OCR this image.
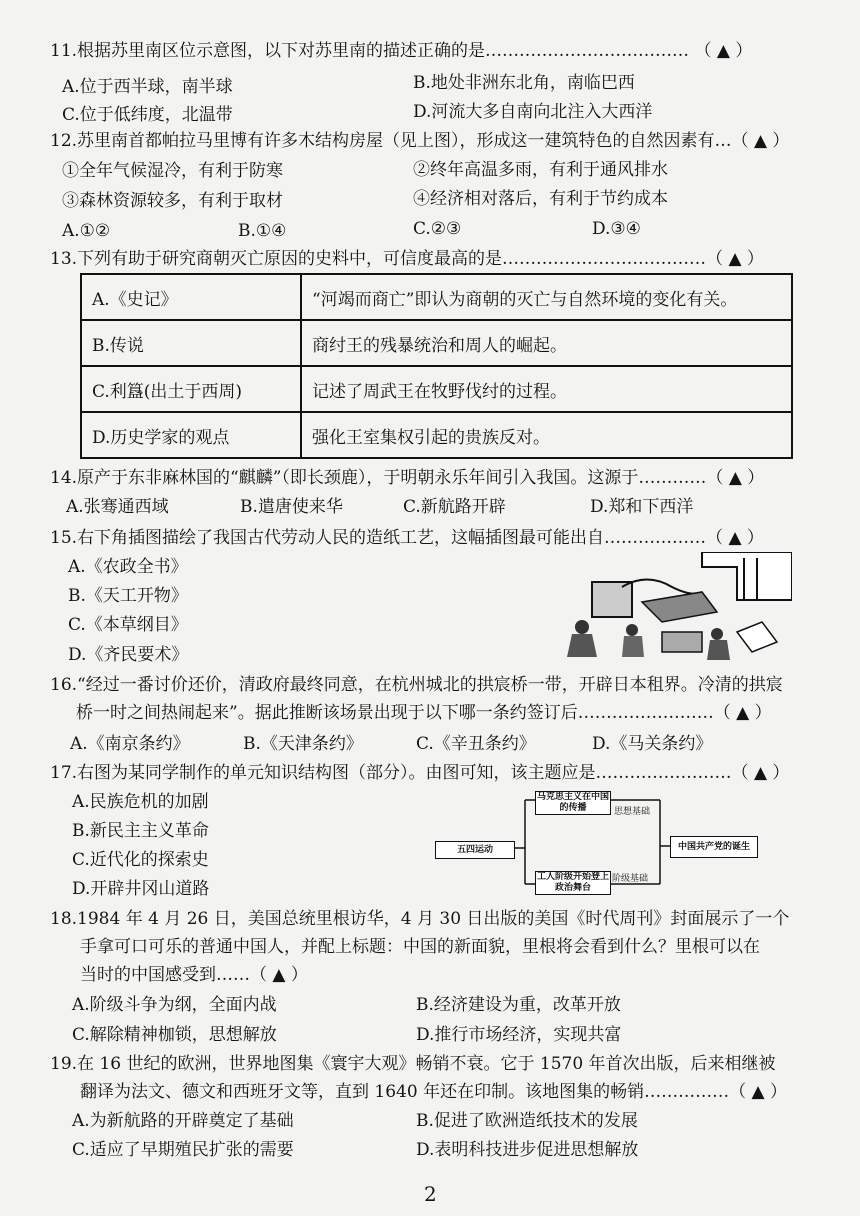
11.根据苏里南区位示意图，以下对苏里南的描述正确的是……………………………… （ ▲ ）
A.位于西半球，南半球	B.地处非洲东北角，南临巴西
C.位于低纬度，北温带	D.河流大多自南向北注入大西洋
12.苏里南首都帕拉马里博有许多木结构房屋（见上图），形成这一建筑特色的自然因素有…（ ▲ ）
①全年气候湿冷，有利于防寒	②终年高温多雨，有利于通风排水
③森林资源较多，有利于取材	④经济相对落后，有利于节约成本
A.①②	B.①④	C.②③	D.③④
13.下列有助于研究商朝灭亡原因的史料中，可信度最高的是………………………………（ ▲ ）
A.《史记》	“河竭而商亡”即认为商朝的灭亡与自然环境的变化有关。
B.传说	商纣王的残暴统治和周人的崛起。
C.利簋(出土于西周)	记述了周武王在牧野伐纣的过程。
D.历史学家的观点	强化王室集权引起的贵族反对。
14.原产于东非麻林国的“麒麟”（即长颈鹿），于明朝永乐年间引入我国。这源于…………（ ▲ ）
A.张骞通西域	B.遣唐使来华	C.新航路开辟	D.郑和下西洋
15.右下角插图描绘了我国古代劳动人民的造纸工艺，这幅插图最可能出自………………（ ▲ ）
A.《农政全书》
B.《天工开物》
C.《本草纲目》
D.《齐民要术》
16.“经过一番讨价还价，清政府最终同意，在杭州城北的拱宸桥一带，开辟日本租界。冷清的拱宸
桥一时之间热闹起来”。据此推断该场景出现于以下哪一条约签订后……………………（ ▲ ）
A.《南京条约》	B.《天津条约》	C.《辛丑条约》	D.《马关条约》
17.右图为某同学制作的单元知识结构图（部分）。由图可知，该主题应是……………………（ ▲ ）
A.民族危机的加剧
B.新民主主义革命
C.近代化的探索史
D.开辟井冈山道路
五四运动
马克思主义在中国的传播	思想基础
工人阶级开始登上政治舞台
阶级基础
中国共产党的诞生
18.1984 年 4 月 26 日，美国总统里根访华，4 月 30 日出版的美国《时代周刊》封面展示了一个
手拿可口可乐的普通中国人，并配上标题：中国的新面貌，里根将会看到什么？里根可以在
当时的中国感受到……（ ▲ ）
A.阶级斗争为纲，全面内战	B.经济建设为重，改革开放
C.解除精神枷锁，思想解放	D.推行市场经济，实现共富
19.在 16 世纪的欧洲，世界地图集《寰宇大观》畅销不衰。它于 1570 年首次出版，后来相继被
翻译为法文、德文和西班牙文等，直到 1640 年还在印制。该地图集的畅销……………（ ▲ ）
A.为新航路的开辟奠定了基础	B.促进了欧洲造纸技术的发展
C.适应了早期殖民扩张的需要	D.表明科技进步促进思想解放
2
